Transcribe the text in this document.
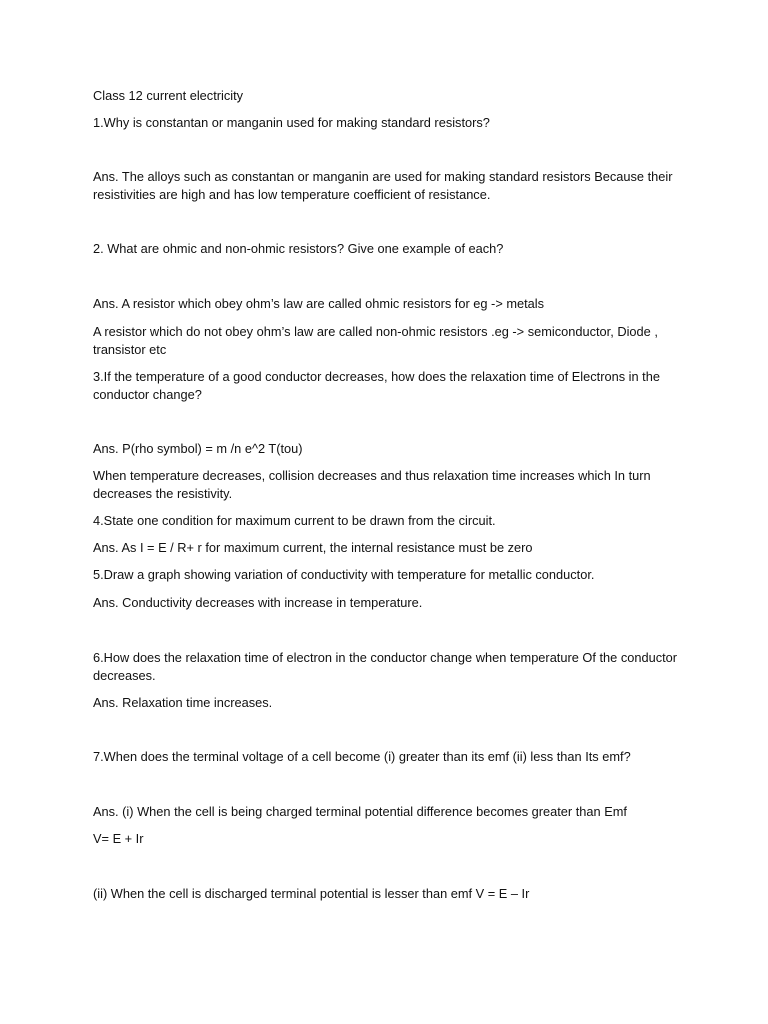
Class 12 current electricity
1.Why is constantan or manganin used for making standard resistors?
Ans. The alloys such as constantan or manganin are used for making standard resistors Because their resistivities are high and has low temperature coefficient of resistance.
2. What are ohmic and non-ohmic resistors? Give one example of each?
Ans. A resistor which obey ohm’s law are called ohmic resistors for eg -> metals
A resistor which do not obey ohm’s law are called non-ohmic resistors .eg -> semiconductor, Diode , transistor etc
3.If the temperature of a good conductor decreases, how does the relaxation time of Electrons in the conductor change?
Ans. P(rho symbol) = m /n e^2 T(tou)
When temperature decreases, collision decreases and thus relaxation time increases which In turn decreases the resistivity.
4.State one condition for maximum current to be drawn from the circuit.
Ans. As I = E / R+ r for maximum current, the internal resistance must be zero
5.Draw a graph showing variation of conductivity with temperature for metallic conductor.
Ans. Conductivity decreases with increase in temperature.
6.How does the relaxation time of electron in the conductor change when temperature Of the conductor decreases.
Ans. Relaxation time increases.
7.When does the terminal voltage of a cell become (i) greater than its emf (ii) less than Its emf?
Ans. (i) When the cell is being charged terminal potential difference becomes greater than Emf
V= E + Ir
(ii) When the cell is discharged terminal potential is lesser than emf V = E – Ir
